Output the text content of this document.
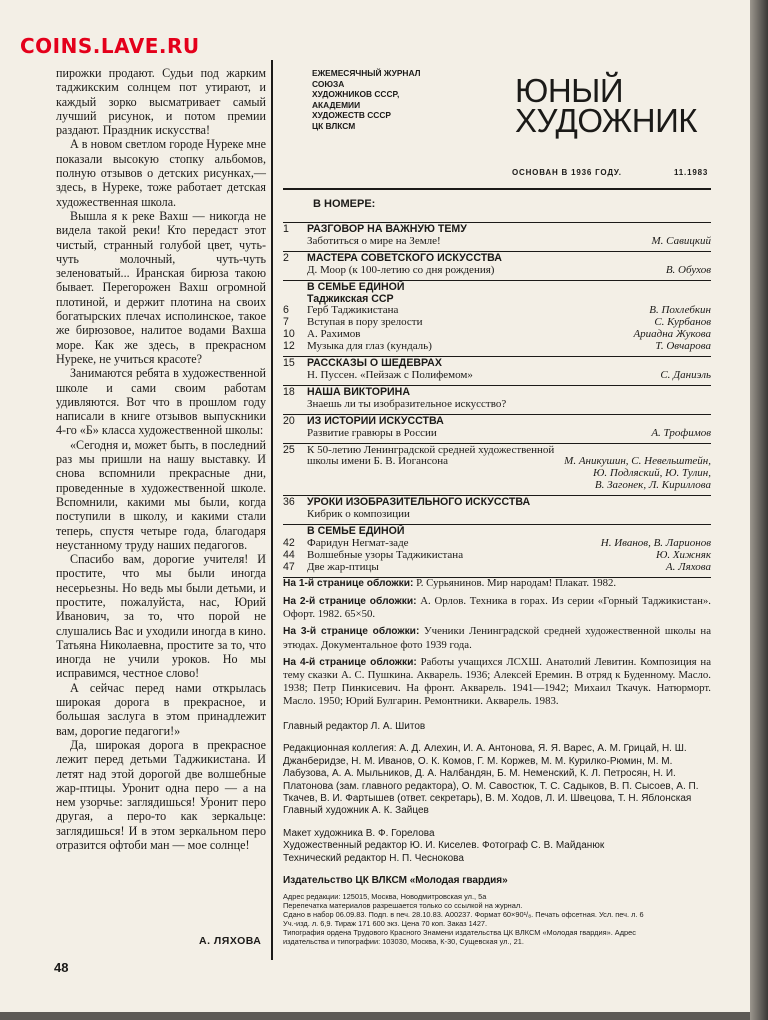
COINS.LAVE.RU

пирожки продают. Судьи под жарким таджикским солнцем пот утирают, и каждый зорко высматривает самый лучший рисунок, и потом премии раздают. Праздник искусства!

А в новом светлом городе Нуреке мне показали высокую стопку альбомов, полную отзывов о детских рисунках,— здесь, в Нуреке, тоже работает детская художественная школа.

Вышла я к реке Вахш — никогда не видела такой реки! Кто передаст этот чистый, странный голубой цвет, чуть-чуть молочный, чуть-чуть зеленоватый... Иранская бирюза такою бывает. Перегорожен Вахш огромной плотиной, и держит плотина на своих богатырских плечах исполинское, такое же бирюзовое, налитое водами Вахша море. Как же здесь, в прекрасном Нуреке, не учиться красоте?

Занимаются ребята в художественной школе и сами своим работам удивляются. Вот что в прошлом году написали в книге отзывов выпускники 4-го «Б» класса художественной школы:

«Сегодня и, может быть, в последний раз мы пришли на нашу выставку. И снова вспомнили прекрасные дни, проведенные в художественной школе. Вспомнили, какими мы были, когда поступили в школу, и какими стали теперь, спустя четыре года, благодаря неустанному труду наших педагогов.

Спасибо вам, дорогие учителя! И простите, что мы были иногда несерьезны. Но ведь мы были детьми, и простите, пожалуйста, нас, Юрий Иванович, за то, что порой не слушались Вас и уходили иногда в кино. Татьяна Николаевна, простите за то, что иногда не учили уроков. Но мы исправимся, честное слово!

А сейчас перед нами открылась широкая дорога в прекрасное, и большая заслуга в этом принадлежит вам, дорогие педагоги!»

Да, широкая дорога в прекрасное лежит перед детьми Таджикистана. И летят над этой дорогой две волшебные жар-птицы. Уронит одна перо — а на нем узорчье: заглядишься! Уронит перо другая, а перо-то как зеркальце: заглядишься! И в этом зеркальном перо отразится офтоби ман — мое солнце!

А. ЛЯХОВА
48
ЕЖЕМЕСЯЧНЫЙ ЖУРНАЛ
СОЮЗА
ХУДОЖНИКОВ СССР,
АКАДЕМИИ
ХУДОЖЕСТВ СССР
ЦК ВЛКСМ
ЮНЫЙ
ХУДОЖНИК
ОСНОВАН В 1936 ГОДУ.	11.1983
В НОМЕРЕ:
1	РАЗГОВОР НА ВАЖНУЮ ТЕМУ
Заботиться о мире на Земле!	М. Савицкий
2	МАСТЕРА СОВЕТСКОГО ИСКУССТВА
Д. Моор (к 100-летию со дня рождения)	В. Обухов
В СЕМЬЕ ЕДИНОЙ
Таджикская ССР
6	Герб Таджикистана	В. Похлебкин
7	Вступая в пору зрелости	С. Курбанов
10	А. Рахимов	Ариадна Жукова
12	Музыка для глаз (кундаль)	Т. Овчарова
15	РАССКАЗЫ О ШЕДЕВРАХ
Н. Пуссен. «Пейзаж с Полифемом»	С. Даниэль
18	НАША ВИКТОРИНА
Знаешь ли ты изобразительное искусство?
20	ИЗ ИСТОРИИ ИСКУССТВА
Развитие гравюры в России	А. Трофимов
25	К 50-летию Ленинградской средней художественной
школы имени Б. В. Иогансона	М. Аникушин, С. Невельштейн,
Ю. Подляский, Ю. Тулин,
В. Загонек, Л. Кириллова
36	УРОКИ ИЗОБРАЗИТЕЛЬНОГО ИСКУССТВА
Кибрик о композиции
В СЕМЬЕ ЕДИНОЙ
42	Фаридун Негмат-заде	Н. Иванов, В. Ларионов
44	Волшебные узоры Таджикистана	Ю. Хижняк
47	Две жар-птицы	А. Ляхова

На 1-й странице обложки: Р. Сурьянинов. Мир народам! Плакат. 1982.

На 2-й странице обложки: А. Орлов. Техника в горах. Из серии «Горный Таджикистан». Офорт. 1982. 65×50.

На 3-й странице обложки: Ученики Ленинградской средней художественной школы на этюдах. Документальное фото 1939 года.

На 4-й странице обложки: Работы учащихся ЛСХШ. Анатолий Левитин. Композиция на тему сказки А. С. Пушкина. Акварель. 1936; Алексей Еремин. В отряд к Буденному. Масло. 1938; Петр Пинкисевич. На фронт. Акварель. 1941—1942; Михаил Ткачук. Натюрморт. Масло. 1950; Юрий Булгарин. Ремонтники. Акварель. 1983.

Главный редактор Л. А. Шитов

Редакционная коллегия: А. Д. Алехин, И. А. Антонова, Я. Я. Варес, А. М. Грицай, Н. Ш. Джанберидзе, Н. М. Иванов, О. К. Комов, Г. М. Коржев, М. М. Курилко-Рюмин, М. М. Лабузова, А. А. Мыльников, Д. А. Налбандян, Б. М. Неменский, К. Л. Петросян, Н. И. Платонова (зам. главного редактора), О. М. Савостюк, Т. С. Садыков, В. П. Сысоев, А. П. Ткачев, В. И. Фартышев (ответ. секретарь), В. М. Ходов, Л. И. Швецова, Т. Н. Яблонская

Главный художник А. К. Зайцев

Макет художника В. Ф. Горелова

Художественный редактор Ю. И. Киселев. Фотограф С. В. Майданюк

Технический редактор Н. П. Чеснокова

Издательство ЦК ВЛКСМ «Молодая гвардия»

Адрес редакции: 125015, Москва, Новодмитровская ул., 5а

Перепечатка материалов разрешается только со ссылкой на журнал.

Сдано в набор 06.09.83. Подп. в печ. 28.10.83. А00237. Формат 60×90¹/₈. Печать офсетная. Усл. печ. л. 6

Уч.-изд. л. 6,9. Тираж 171 600 экз. Цена 70 коп. Заказ 1427.

Типография ордена Трудового Красного Знамени издательства ЦК ВЛКСМ «Молодая гвардия». Адрес

издательства и типографии: 103030, Москва, К-30, Сущевская ул., 21.
